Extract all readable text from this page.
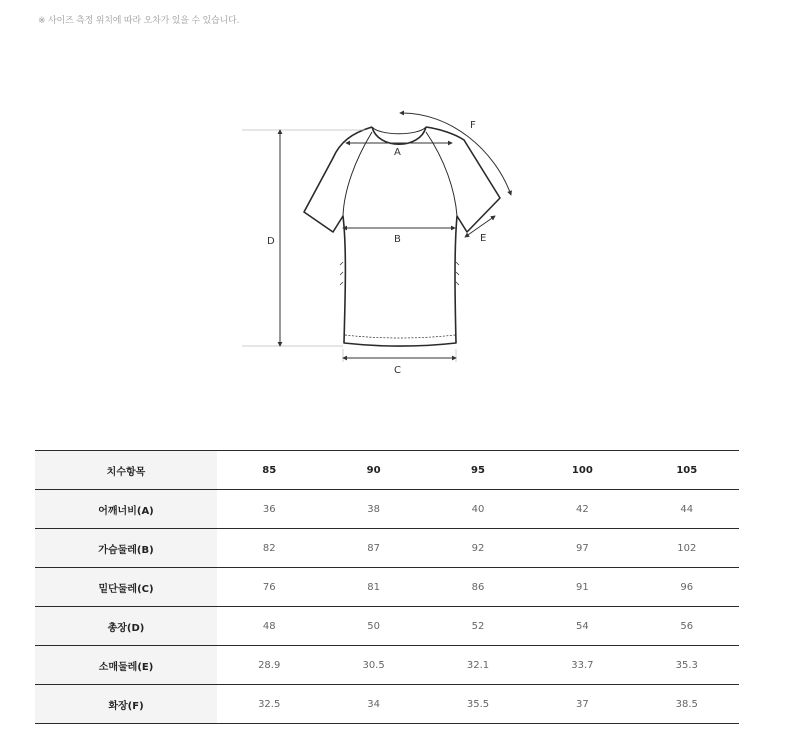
※ 사이즈 측정 위치에 따라 오차가 있을 수 있습니다.
D
A
B
C
E
F
치수항목	85	90	95	100	105
어깨너비(A)	36	38	40	42	44
가슴둘레(B)	82	87	92	97	102
밑단둘레(C)	76	81	86	91	96
총장(D)	48	50	52	54	56
소매둘레(E)	28.9	30.5	32.1	33.7	35.3
화장(F)	32.5	34	35.5	37	38.5
